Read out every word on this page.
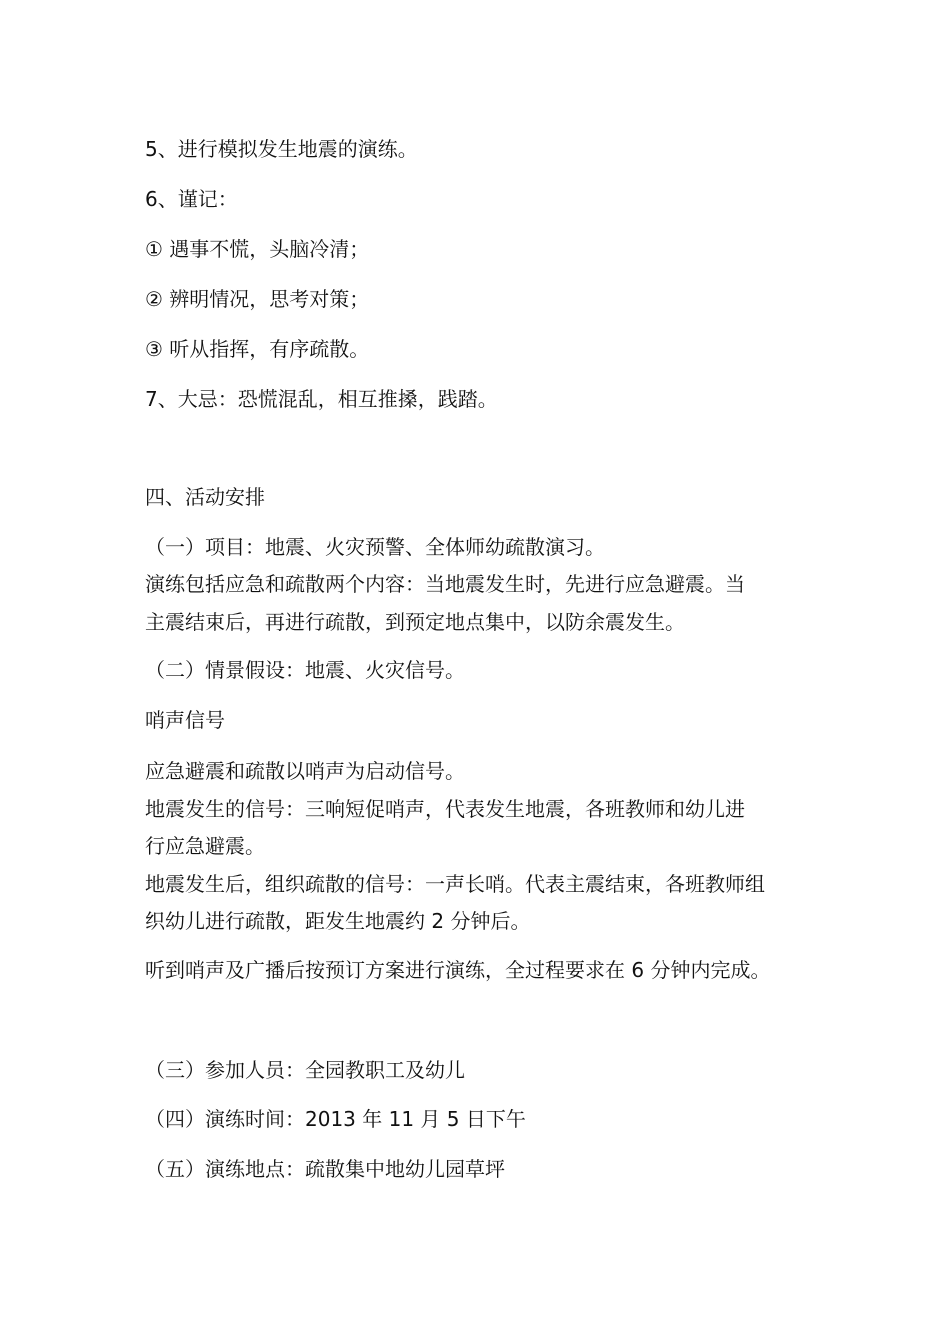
5、进行模拟发生地震的演练。
6、谨记：
① 遇事不慌，头脑冷清；
② 辨明情况，思考对策；
③ 听从指挥，有序疏散。
7、大忌：恐慌混乱，相互推搡，践踏。
四、活动安排
（一）项目：地震、火灾预警、全体师幼疏散演习。
演练包括应急和疏散两个内容：当地震发生时，先进行应急避震。当
主震结束后，再进行疏散，到预定地点集中，以防余震发生。
（二）情景假设：地震、火灾信号。
哨声信号
应急避震和疏散以哨声为启动信号。
地震发生的信号：三响短促哨声，代表发生地震，各班教师和幼儿进
行应急避震。
地震发生后，组织疏散的信号：一声长哨。代表主震结束，各班教师组
织幼儿进行疏散，距发生地震约 2 分钟后。
听到哨声及广播后按预订方案进行演练，全过程要求在 6 分钟内完成。
（三）参加人员：全园教职工及幼儿
（四）演练时间：2013 年 11 月 5 日下午
（五）演练地点：疏散集中地幼儿园草坪
